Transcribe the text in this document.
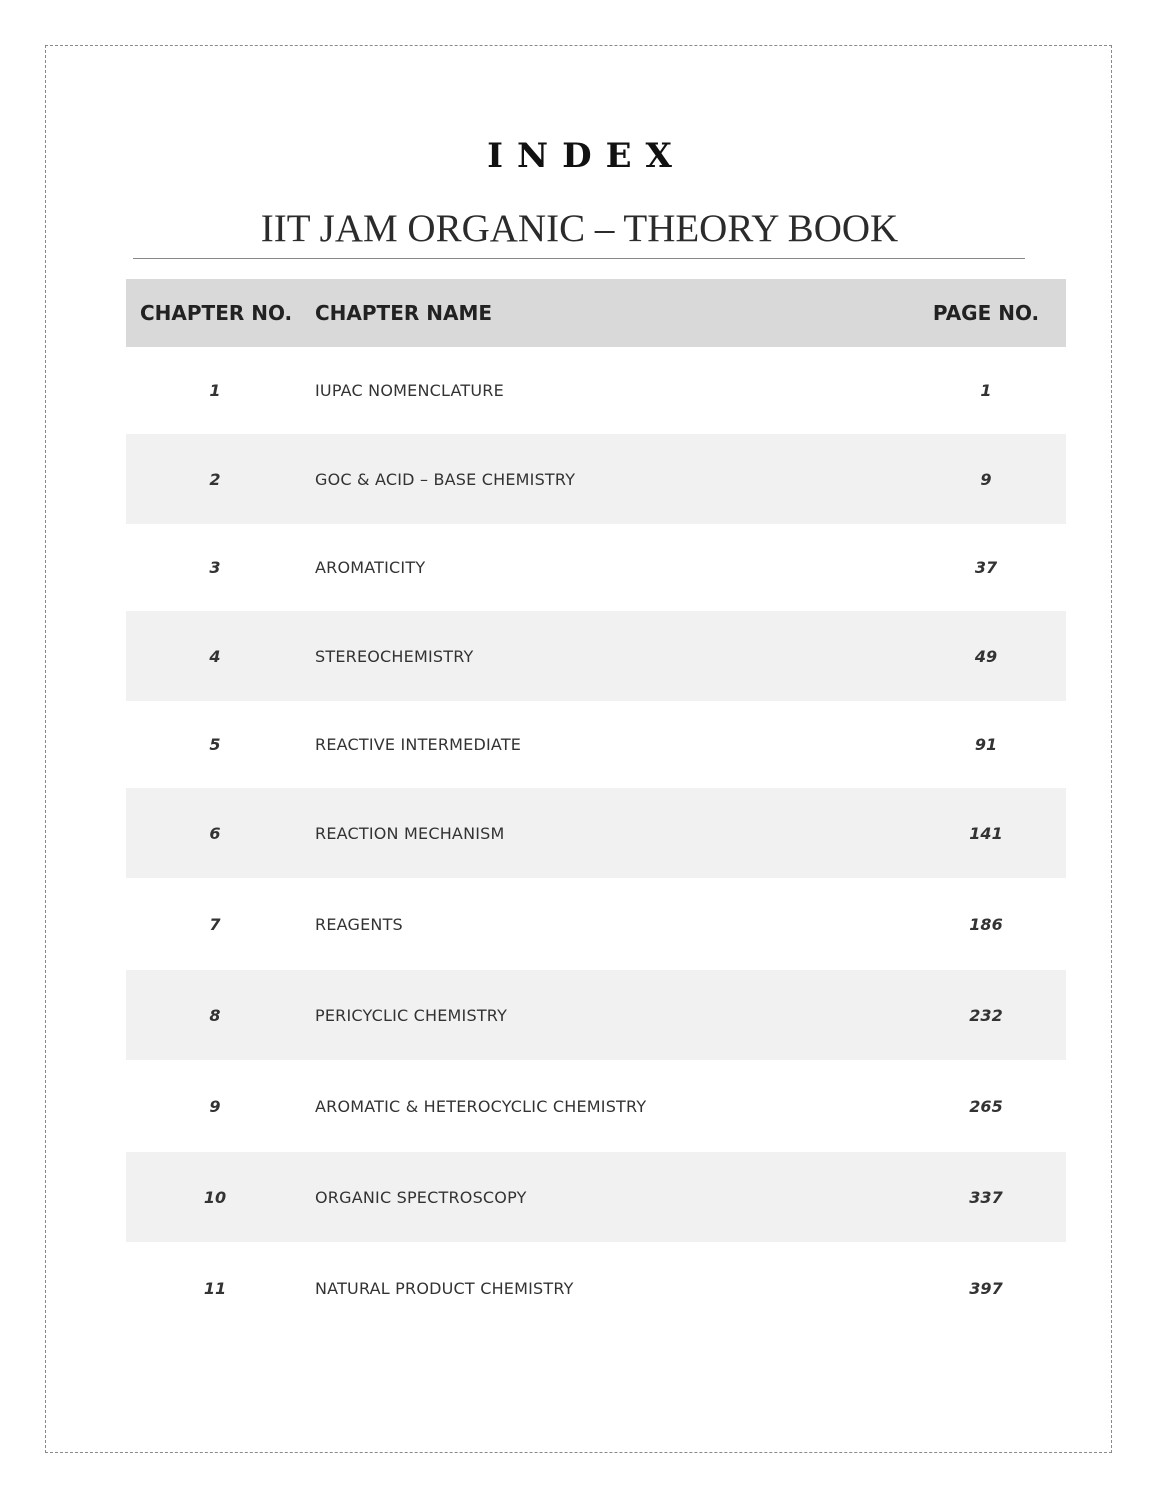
INDEX
IIT JAM ORGANIC – THEORY BOOK
CHAPTER NO.	CHAPTER NAME	PAGE NO.
1	IUPAC NOMENCLATURE	1
2	GOC & ACID – BASE CHEMISTRY	9
3	AROMATICITY	37
4	STEREOCHEMISTRY	49
5	REACTIVE INTERMEDIATE	91
6	REACTION MECHANISM	141
7	REAGENTS	186
8	PERICYCLIC CHEMISTRY	232
9	AROMATIC & HETEROCYCLIC CHEMISTRY	265
10	ORGANIC SPECTROSCOPY	337
11	NATURAL PRODUCT CHEMISTRY	397
